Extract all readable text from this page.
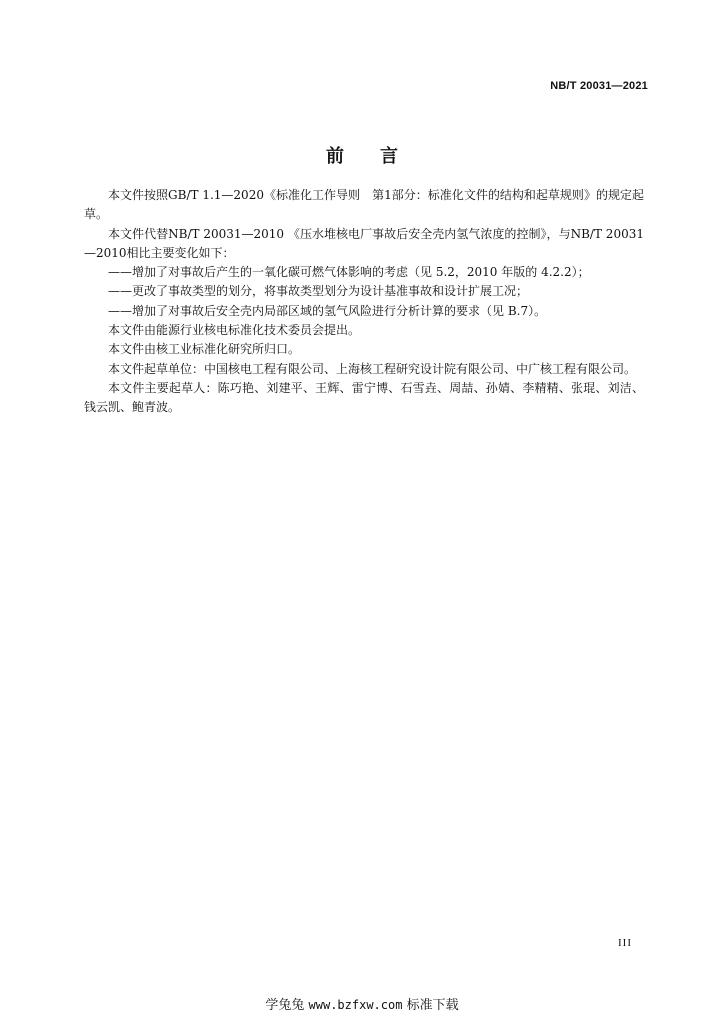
NB/T 20031—2021
前言

本文件按照GB/T 1.1—2020《标准化工作导则　第1部分：标准化文件的结构和起草规则》的规定起草。

本文件代替NB/T 20031—2010 《压水堆核电厂事故后安全壳内氢气浓度的控制》，与NB/T 20031—2010相比主要变化如下：

——增加了对事故后产生的一氧化碳可燃气体影响的考虑（见 5.2，2010 年版的 4.2.2）；

——更改了事故类型的划分，将事故类型划分为设计基准事故和设计扩展工况；

——增加了对事故后安全壳内局部区域的氢气风险进行分析计算的要求（见 B.7）。

本文件由能源行业核电标准化技术委员会提出。

本文件由核工业标准化研究所归口。

本文件起草单位：中国核电工程有限公司、上海核工程研究设计院有限公司、中广核工程有限公司。

本文件主要起草人：陈巧艳、刘建平、王辉、雷宁博、石雪垚、周喆、孙婧、李精精、张琨、刘洁、钱云凯、鲍青波。

III
学兔兔 www.bzfxw.com 标准下载
